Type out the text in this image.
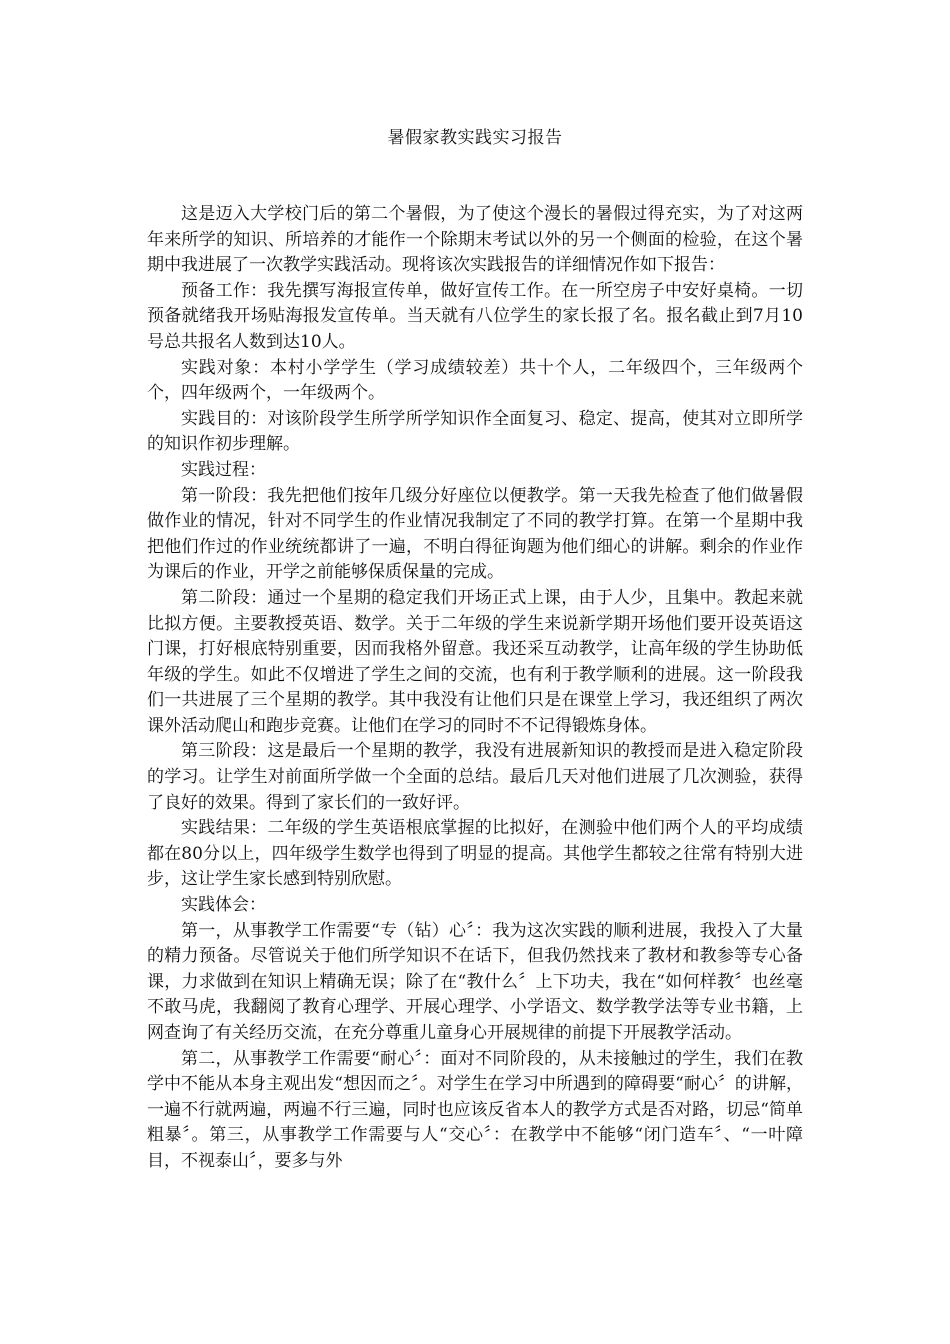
暑假家教实践实习报告

这是迈入大学校门后的第二个暑假，为了使这个漫长的暑假过得充实，为了对这两年来所学的知识、所培养的才能作一个除期末考试以外的另一个侧面的检验，在这个暑期中我进展了一次教学实践活动。现将该次实践报告的详细情况作如下报告：

预备工作：我先撰写海报宣传单，做好宣传工作。在一所空房子中安好桌椅。一切预备就绪我开场贴海报发宣传单。当天就有八位学生的家长报了名。报名截止到7月10号总共报名人数到达10人。

实践对象：本村小学学生（学习成绩较差）共十个人，二年级四个，三年级两个个，四年级两个，一年级两个。

实践目的：对该阶段学生所学所学知识作全面复习、稳定、提高，使其对立即所学的知识作初步理解。

实践过程：

第一阶段：我先把他们按年几级分好座位以便教学。第一天我先检查了他们做暑假做作业的情况，针对不同学生的作业情况我制定了不同的教学打算。在第一个星期中我把他们作过的作业统统都讲了一遍，不明白得征询题为他们细心的讲解。剩余的作业作为课后的作业，开学之前能够保质保量的完成。

第二阶段：通过一个星期的稳定我们开场正式上课，由于人少，且集中。教起来就比拟方便。主要教授英语、数学。关于二年级的学生来说新学期开场他们要开设英语这门课，打好根底特别重要，因而我格外留意。我还采互动教学，让高年级的学生协助低年级的学生。如此不仅增进了学生之间的交流，也有利于教学顺利的进展。这一阶段我们一共进展了三个星期的教学。其中我没有让他们只是在课堂上学习，我还组织了两次课外活动爬山和跑步竞赛。让他们在学习的同时不不记得锻炼身体。

第三阶段：这是最后一个星期的教学，我没有进展新知识的教授而是进入稳定阶段的学习。让学生对前面所学做一个全面的总结。最后几天对他们进展了几次测验，获得了良好的效果。得到了家长们的一致好评。

实践结果：二年级的学生英语根底掌握的比拟好，在测验中他们两个人的平均成绩都在80分以上，四年级学生数学也得到了明显的提高。其他学生都较之往常有特别大进步，这让学生家长感到特别欣慰。

实践体会：

第一，从事教学工作需要“专（钻）心〞：我为这次实践的顺利进展，我投入了大量的精力预备。尽管说关于他们所学知识不在话下，但我仍然找来了教材和教参等专心备课，力求做到在知识上精确无误；除了在“教什么〞上下功夫，我在“如何样教〞也丝毫不敢马虎，我翻阅了教育心理学、开展心理学、小学语文、数学教学法等专业书籍，上网查询了有关经历交流，在充分尊重儿童身心开展规律的前提下开展教学活动。

第二，从事教学工作需要“耐心〞：面对不同阶段的，从未接触过的学生，我们在教学中不能从本身主观出发“想因而之〞。对学生在学习中所遇到的障碍要“耐心〞的讲解，一遍不行就两遍，两遍不行三遍，同时也应该反省本人的教学方式是否对路，切忌“简单粗暴〞。第三，从事教学工作需要与人“交心〞：在教学中不能够“闭门造车〞、“一叶障目，不视泰山〞，要多与外
